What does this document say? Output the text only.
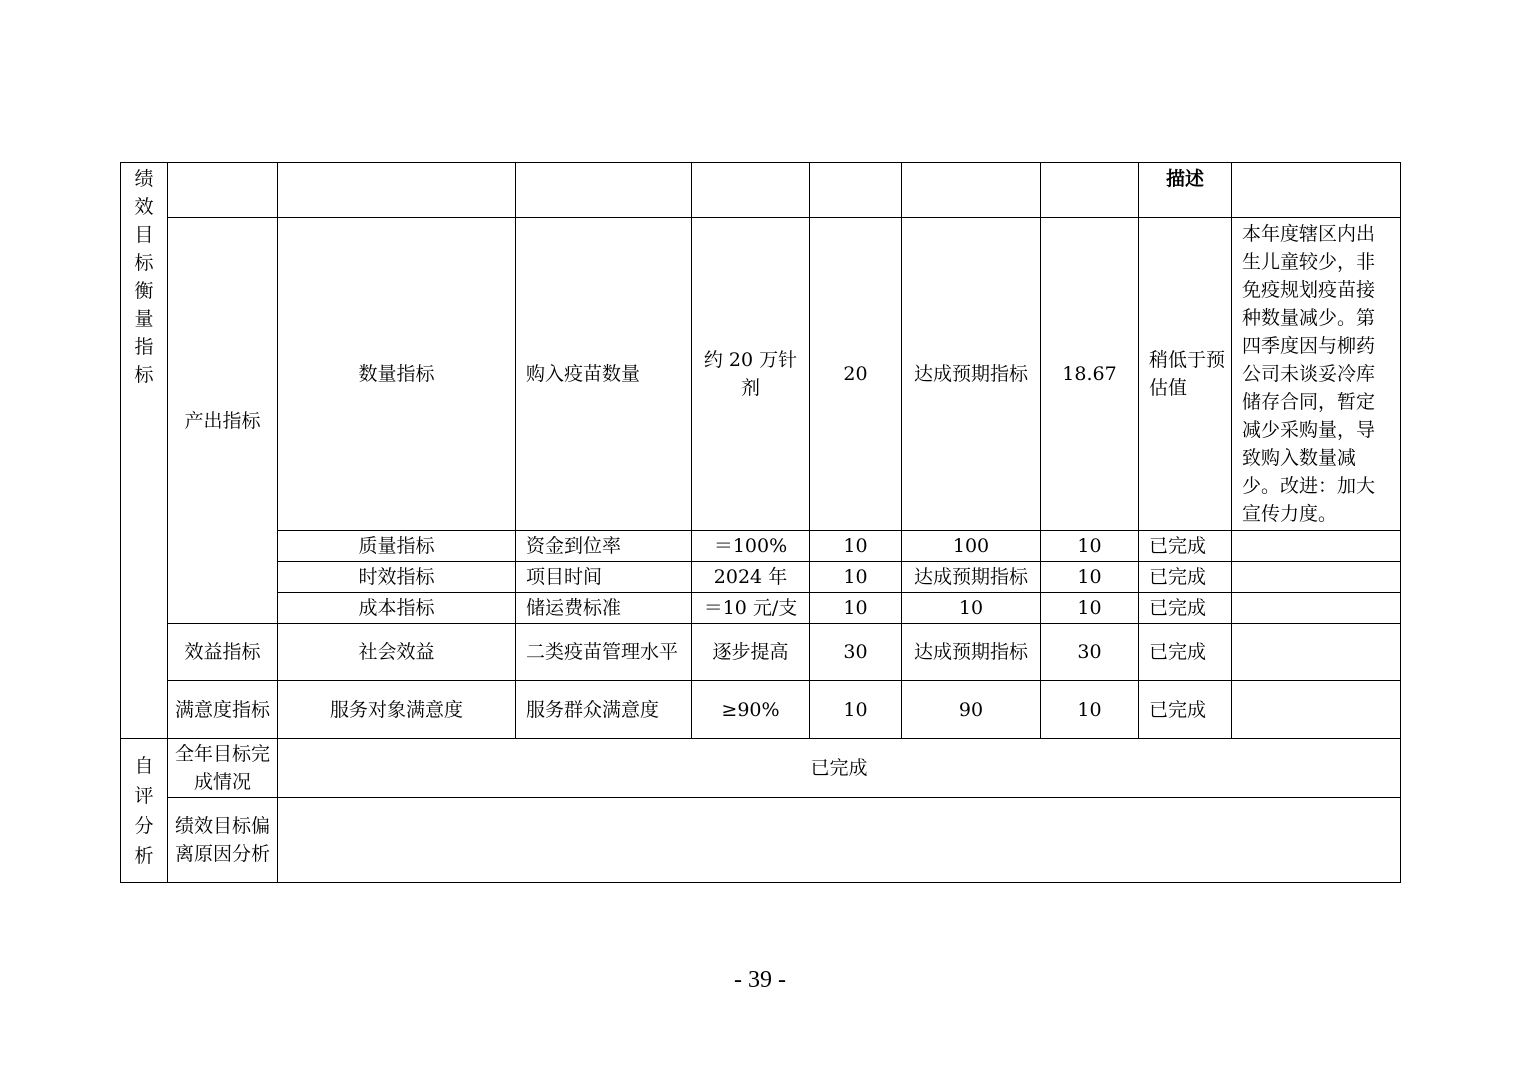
绩效目标衡量指标								描述	
	产出指标	数量指标	购入疫苗数量	约 20 万针剂	20	达成预期指标	18.67	稍低于预估值	本年度辖区内出生儿童较少，非免疫规划疫苗接种数量减少。第四季度因与柳药公司未谈妥冷库储存合同，暂定减少采购量，导致购入数量减少。改进：加大宣传力度。
		质量指标	资金到位率	＝100%	10	100	10	已完成	
		时效指标	项目时间	2024 年	10	达成预期指标	10	已完成	
		成本指标	储运费标准	＝10 元/支	10	10	10	已完成	
	效益指标	社会效益	二类疫苗管理水平	逐步提高	30	达成预期指标	30	已完成	
	满意度指标	服务对象满意度	服务群众满意度	≥90%	10	90	10	已完成	
自评分析	全年目标完成情况	已完成							
	绩效目标偏离原因分析								
- 39 -
